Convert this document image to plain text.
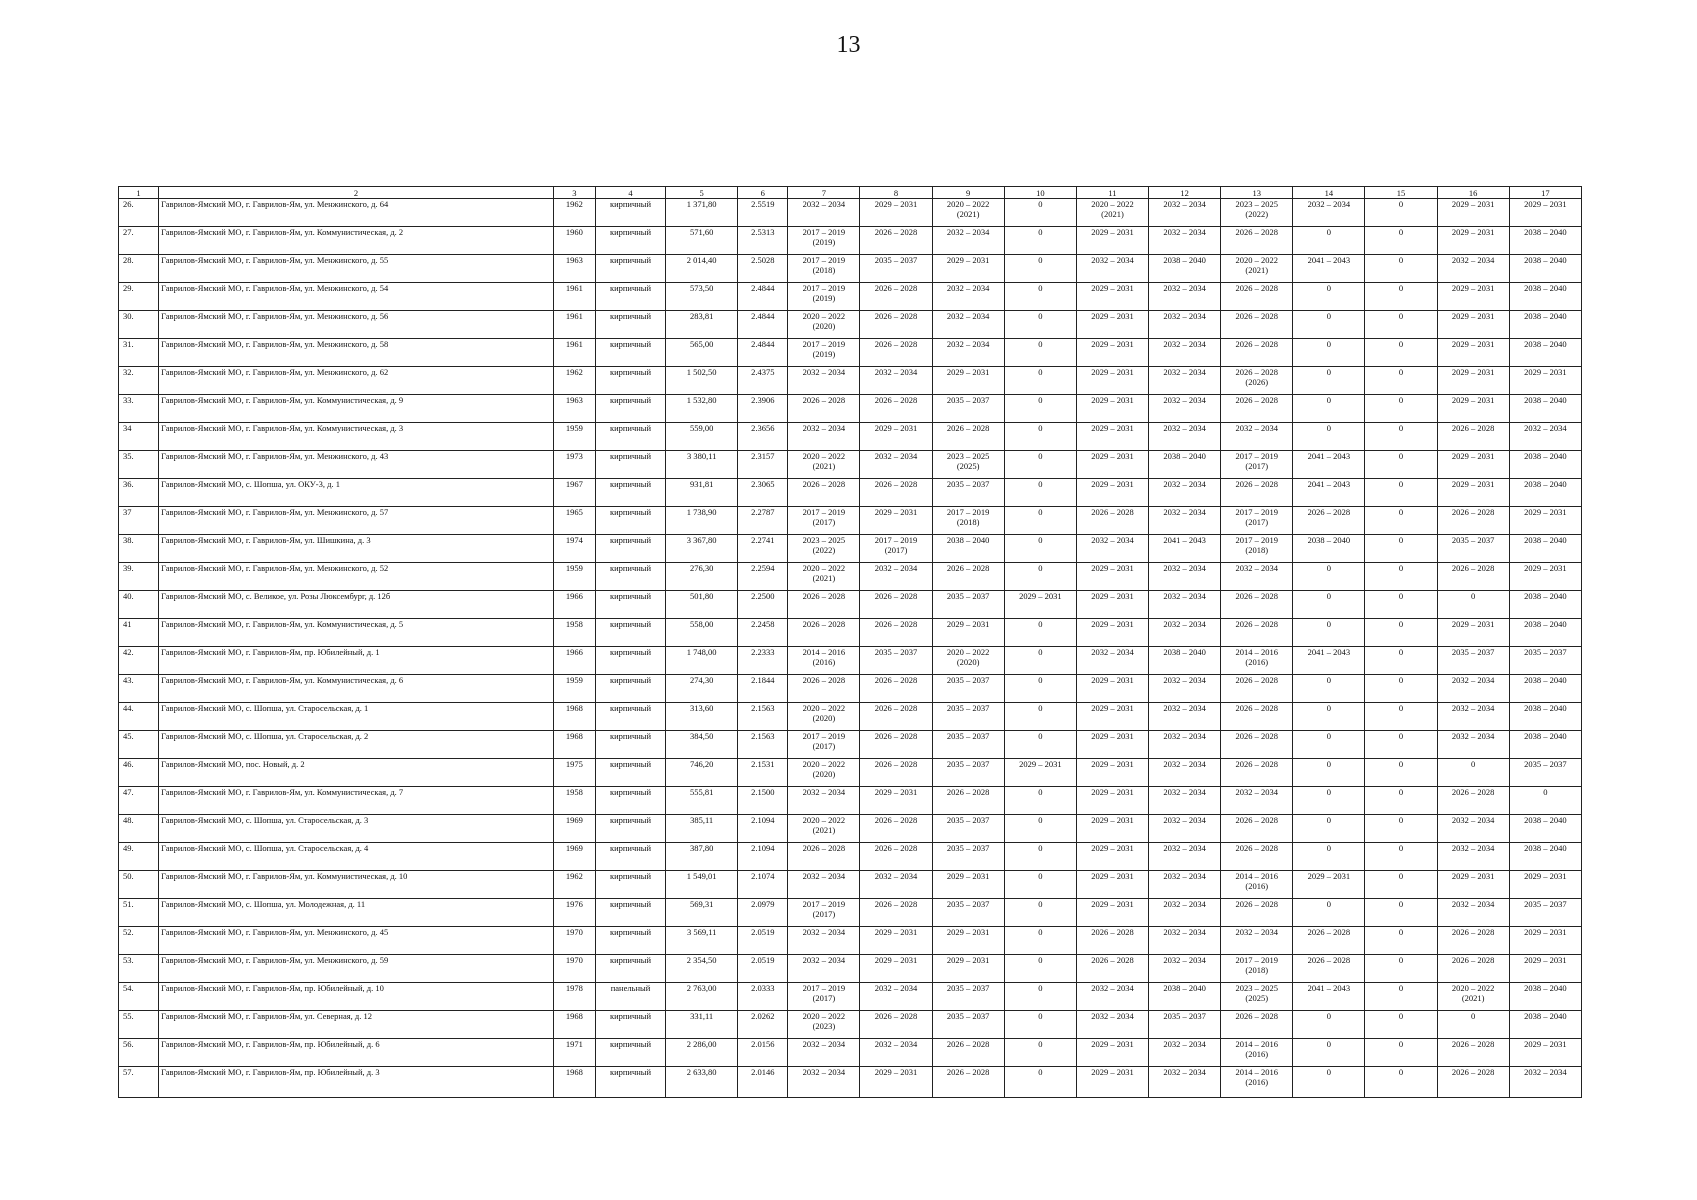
13
1	2	3	4	5	6	7	8	9	10	11	12	13	14	15	16	17
26.	Гаврилов-Ямский МО, г. Гаврилов-Ям, ул. Менжинского, д. 64	1962	кирпичный	1 371,80	2.5519	2032 – 2034	2029 – 2031	2020 – 2022 (2021)	0	2020 – 2022 (2021)	2032 – 2034	2023 – 2025 (2022)	2032 – 2034	0	2029 – 2031	2029 – 2031
27.	Гаврилов-Ямский МО, г. Гаврилов-Ям, ул. Коммунистическая, д. 2	1960	кирпичный	571,60	2.5313	2017 – 2019 (2019)	2026 – 2028	2032 – 2034	0	2029 – 2031	2032 – 2034	2026 – 2028	0	0	2029 – 2031	2038 – 2040
28.	Гаврилов-Ямский МО, г. Гаврилов-Ям, ул. Менжинского, д. 55	1963	кирпичный	2 014,40	2.5028	2017 – 2019 (2018)	2035 – 2037	2029 – 2031	0	2032 – 2034	2038 – 2040	2020 – 2022 (2021)	2041 – 2043	0	2032 – 2034	2038 – 2040
29.	Гаврилов-Ямский МО, г. Гаврилов-Ям, ул. Менжинского, д. 54	1961	кирпичный	573,50	2.4844	2017 – 2019 (2019)	2026 – 2028	2032 – 2034	0	2029 – 2031	2032 – 2034	2026 – 2028	0	0	2029 – 2031	2038 – 2040
30.	Гаврилов-Ямский МО, г. Гаврилов-Ям, ул. Менжинского, д. 56	1961	кирпичный	283,81	2.4844	2020 – 2022 (2020)	2026 – 2028	2032 – 2034	0	2029 – 2031	2032 – 2034	2026 – 2028	0	0	2029 – 2031	2038 – 2040
31.	Гаврилов-Ямский МО, г. Гаврилов-Ям, ул. Менжинского, д. 58	1961	кирпичный	565,00	2.4844	2017 – 2019 (2019)	2026 – 2028	2032 – 2034	0	2029 – 2031	2032 – 2034	2026 – 2028	0	0	2029 – 2031	2038 – 2040
32.	Гаврилов-Ямский МО, г. Гаврилов-Ям, ул. Менжинского, д. 62	1962	кирпичный	1 502,50	2.4375	2032 – 2034	2032 – 2034	2029 – 2031	0	2029 – 2031	2032 – 2034	2026 – 2028 (2026)	0	0	2029 – 2031	2029 – 2031
33.	Гаврилов-Ямский МО, г. Гаврилов-Ям, ул. Коммунистическая, д. 9	1963	кирпичный	1 532,80	2.3906	2026 – 2028	2026 – 2028	2035 – 2037	0	2029 – 2031	2032 – 2034	2026 – 2028	0	0	2029 – 2031	2038 – 2040
34	Гаврилов-Ямский МО, г. Гаврилов-Ям, ул. Коммунистическая, д. 3	1959	кирпичный	559,00	2.3656	2032 – 2034	2029 – 2031	2026 – 2028	0	2029 – 2031	2032 – 2034	2032 – 2034	0	0	2026 – 2028	2032 – 2034
35.	Гаврилов-Ямский МО, г. Гаврилов-Ям, ул. Менжинского, д. 43	1973	кирпичный	3 380,11	2.3157	2020 – 2022 (2021)	2032 – 2034	2023 – 2025 (2025)	0	2029 – 2031	2038 – 2040	2017 – 2019 (2017)	2041 – 2043	0	2029 – 2031	2038 – 2040
36.	Гаврилов-Ямский МО, с. Шопша, ул. ОКУ-3, д. 1	1967	кирпичный	931,81	2.3065	2026 – 2028	2026 – 2028	2035 – 2037	0	2029 – 2031	2032 – 2034	2026 – 2028	2041 – 2043	0	2029 – 2031	2038 – 2040
37	Гаврилов-Ямский МО, г. Гаврилов-Ям, ул. Менжинского, д. 57	1965	кирпичный	1 738,90	2.2787	2017 – 2019 (2017)	2029 – 2031	2017 – 2019 (2018)	0	2026 – 2028	2032 – 2034	2017 – 2019 (2017)	2026 – 2028	0	2026 – 2028	2029 – 2031
38.	Гаврилов-Ямский МО, г. Гаврилов-Ям, ул. Шишкина, д. 3	1974	кирпичный	3 367,80	2.2741	2023 – 2025 (2022)	2017 – 2019 (2017)	2038 – 2040	0	2032 – 2034	2041 – 2043	2017 – 2019 (2018)	2038 – 2040	0	2035 – 2037	2038 – 2040
39.	Гаврилов-Ямский МО, г. Гаврилов-Ям, ул. Менжинского, д. 52	1959	кирпичный	276,30	2.2594	2020 – 2022 (2021)	2032 – 2034	2026 – 2028	0	2029 – 2031	2032 – 2034	2032 – 2034	0	0	2026 – 2028	2029 – 2031
40.	Гаврилов-Ямский МО, с. Великое, ул. Розы Люксембург, д. 12б	1966	кирпичный	501,80	2.2500	2026 – 2028	2026 – 2028	2035 – 2037	2029 – 2031	2029 – 2031	2032 – 2034	2026 – 2028	0	0	0	2038 – 2040
41	Гаврилов-Ямский МО, г. Гаврилов-Ям, ул. Коммунистическая, д. 5	1958	кирпичный	558,00	2.2458	2026 – 2028	2026 – 2028	2029 – 2031	0	2029 – 2031	2032 – 2034	2026 – 2028	0	0	2029 – 2031	2038 – 2040
42.	Гаврилов-Ямский МО, г. Гаврилов-Ям, пр. Юбилейный, д. 1	1966	кирпичный	1 748,00	2.2333	2014 – 2016 (2016)	2035 – 2037	2020 – 2022 (2020)	0	2032 – 2034	2038 – 2040	2014 – 2016 (2016)	2041 – 2043	0	2035 – 2037	2035 – 2037
43.	Гаврилов-Ямский МО, г. Гаврилов-Ям, ул. Коммунистическая, д. 6	1959	кирпичный	274,30	2.1844	2026 – 2028	2026 – 2028	2035 – 2037	0	2029 – 2031	2032 – 2034	2026 – 2028	0	0	2032 – 2034	2038 – 2040
44.	Гаврилов-Ямский МО, с. Шопша, ул. Старосельская, д. 1	1968	кирпичный	313,60	2.1563	2020 – 2022 (2020)	2026 – 2028	2035 – 2037	0	2029 – 2031	2032 – 2034	2026 – 2028	0	0	2032 – 2034	2038 – 2040
45.	Гаврилов-Ямский МО, с. Шопша, ул. Старосельская, д. 2	1968	кирпичный	384,50	2.1563	2017 – 2019 (2017)	2026 – 2028	2035 – 2037	0	2029 – 2031	2032 – 2034	2026 – 2028	0	0	2032 – 2034	2038 – 2040
46.	Гаврилов-Ямский МО, пос. Новый, д. 2	1975	кирпичный	746,20	2.1531	2020 – 2022 (2020)	2026 – 2028	2035 – 2037	2029 – 2031	2029 – 2031	2032 – 2034	2026 – 2028	0	0	0	2035 – 2037
47.	Гаврилов-Ямский МО, г. Гаврилов-Ям, ул. Коммунистическая, д. 7	1958	кирпичный	555,81	2.1500	2032 – 2034	2029 – 2031	2026 – 2028	0	2029 – 2031	2032 – 2034	2032 – 2034	0	0	2026 – 2028	0
48.	Гаврилов-Ямский МО, с. Шопша, ул. Старосельская, д. 3	1969	кирпичный	385,11	2.1094	2020 – 2022 (2021)	2026 – 2028	2035 – 2037	0	2029 – 2031	2032 – 2034	2026 – 2028	0	0	2032 – 2034	2038 – 2040
49.	Гаврилов-Ямский МО, с. Шопша, ул. Старосельская, д. 4	1969	кирпичный	387,80	2.1094	2026 – 2028	2026 – 2028	2035 – 2037	0	2029 – 2031	2032 – 2034	2026 – 2028	0	0	2032 – 2034	2038 – 2040
50.	Гаврилов-Ямский МО, г. Гаврилов-Ям, ул. Коммунистическая, д. 10	1962	кирпичный	1 549,01	2.1074	2032 – 2034	2032 – 2034	2029 – 2031	0	2029 – 2031	2032 – 2034	2014 – 2016 (2016)	2029 – 2031	0	2029 – 2031	2029 – 2031
51.	Гаврилов-Ямский МО, с. Шопша, ул. Молодежная, д. 11	1976	кирпичный	569,31	2.0979	2017 – 2019 (2017)	2026 – 2028	2035 – 2037	0	2029 – 2031	2032 – 2034	2026 – 2028	0	0	2032 – 2034	2035 – 2037
52.	Гаврилов-Ямский МО, г. Гаврилов-Ям, ул. Менжинского, д. 45	1970	кирпичный	3 569,11	2.0519	2032 – 2034	2029 – 2031	2029 – 2031	0	2026 – 2028	2032 – 2034	2032 – 2034	2026 – 2028	0	2026 – 2028	2029 – 2031
53.	Гаврилов-Ямский МО, г. Гаврилов-Ям, ул. Менжинского, д. 59	1970	кирпичный	2 354,50	2.0519	2032 – 2034	2029 – 2031	2029 – 2031	0	2026 – 2028	2032 – 2034	2017 – 2019 (2018)	2026 – 2028	0	2026 – 2028	2029 – 2031
54.	Гаврилов-Ямский МО, г. Гаврилов-Ям, пр. Юбилейный, д. 10	1978	панельный	2 763,00	2.0333	2017 – 2019 (2017)	2032 – 2034	2035 – 2037	0	2032 – 2034	2038 – 2040	2023 – 2025 (2025)	2041 – 2043	0	2020 – 2022 (2021)	2038 – 2040
55.	Гаврилов-Ямский МО, г. Гаврилов-Ям, ул. Северная, д. 12	1968	кирпичный	331,11	2.0262	2020 – 2022 (2023)	2026 – 2028	2035 – 2037	0	2032 – 2034	2035 – 2037	2026 – 2028	0	0	0	2038 – 2040
56.	Гаврилов-Ямский МО, г. Гаврилов-Ям, пр. Юбилейный, д. 6	1971	кирпичный	2 286,00	2.0156	2032 – 2034	2032 – 2034	2026 – 2028	0	2029 – 2031	2032 – 2034	2014 – 2016 (2016)	0	0	2026 – 2028	2029 – 2031
57.	Гаврилов-Ямский МО, г. Гаврилов-Ям, пр. Юбилейный, д. 3	1968	кирпичный	2 633,80	2.0146	2032 – 2034	2029 – 2031	2026 – 2028	0	2029 – 2031	2032 – 2034	2014 – 2016 (2016)	0	0	2026 – 2028	2032 – 2034
